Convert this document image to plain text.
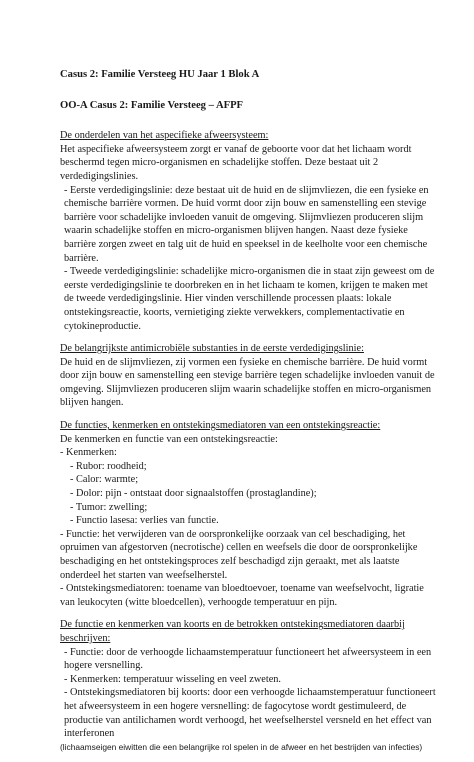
Casus 2: Familie Versteeg HU Jaar 1 Blok A
OO-A Casus 2: Familie Versteeg – AFPF
De onderdelen van het aspecifieke afweersysteem:
Het aspecifieke afweersysteem zorgt er vanaf de geboorte voor dat het lichaam wordt beschermd tegen micro-organismen en schadelijke stoffen. Deze bestaat uit 2 verdedigingslinies.
- Eerste verdedigingslinie: deze bestaat uit de huid en de slijmvliezen, die een fysieke en chemische barrière vormen. De huid vormt door zijn bouw en samenstelling een stevige barrière voor schadelijke invloeden vanuit de omgeving. Slijmvliezen produceren slijm waarin schadelijke stoffen en micro-organismen blijven hangen. Naast deze fysieke barrière zorgen zweet en talg uit de huid en speeksel in de keelholte voor een chemische barrière.
- Tweede verdedigingslinie: schadelijke micro-organismen die in staat zijn geweest om de eerste verdedigingslinie te doorbreken en in het lichaam te komen, krijgen te maken met de tweede verdedigingslinie. Hier vinden verschillende processen plaats: lokale ontstekingsreactie, koorts, vernietiging ziekte verwekkers, complementactivatie en cytokineproductie.
De belangrijkste antimicrobiële substanties in de eerste verdedigingslinie:
De huid en de slijmvliezen, zij vormen een fysieke en chemische barrière. De huid vormt door zijn bouw en samenstelling een stevige barrière tegen schadelijke invloeden vanuit de omgeving. Slijmvliezen produceren slijm waarin schadelijke stoffen en micro-organismen blijven hangen.
De functies, kenmerken en ontstekingsmediatoren van een ontstekingsreactie:
De kenmerken en functie van een ontstekingsreactie:
- Kenmerken:
- Rubor: roodheid;
- Calor: warmte;
- Dolor: pijn - ontstaat door signaalstoffen (prostaglandine);
- Tumor: zwelling;
- Functio lasesa: verlies van functie.
- Functie: het verwijderen van de oorspronkelijke oorzaak van cel beschadiging, het opruimen van afgestorven (necrotische) cellen en weefsels die door de oorspronkelijke beschadiging en het ontstekingsproces zelf beschadigd zijn geraakt, met als laatste onderdeel het starten van weefselherstel.
- Ontstekingsmediatoren: toename van bloedtoevoer, toename van weefselvocht, ligratie van leukocyten (witte bloedcellen), verhoogde temperatuur en pijn.
De functie en kenmerken van koorts en de betrokken ontstekingsmediatoren daarbij beschrijven:
- Functie: door de verhoogde lichaamstemperatuur functioneert het afweersysteem in een hogere versnelling.
- Kenmerken: temperatuur wisseling en veel zweten.
- Ontstekingsmediatoren bij koorts: door een verhoogde lichaamstemperatuur functioneert het afweersysteem in een hogere versnelling: de fagocytose wordt gestimuleerd, de productie van antilichamen wordt verhoogd, het weefselherstel versneld en het effect van interferonen
(lichaamseigen eiwitten die een belangrijke rol spelen in de afweer en het bestrijden van infecties)
